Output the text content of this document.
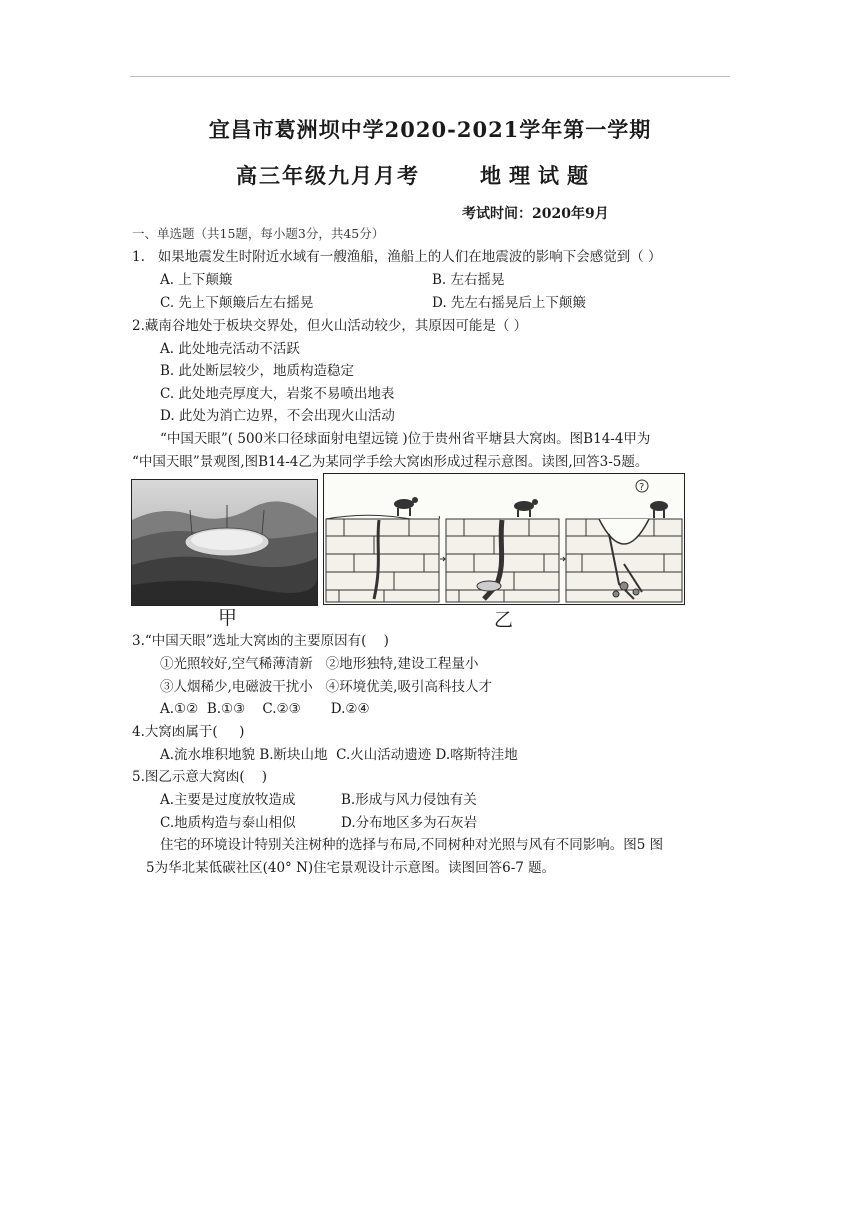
宜昌市葛洲坝中学2020-2021学年第一学期
高三年级九月月考	地理试题
考试时间：2020年9月
一、单选题（共15题，每小题3分，共45分）
1.   如果地震发生时附近水域有一艘渔船，渔船上的人们在地震波的影响下会感觉到（ ）
A. 上下颠簸	B. 左右摇晃
C. 先上下颠簸后左右摇晃	D. 先左右摇晃后上下颠簸
2.藏南谷地处于板块交界处，但火山活动较少，其原因可能是（ ）
A. 此处地壳活动不活跃
B. 此处断层较少，地质构造稳定
C. 此处地壳厚度大，岩浆不易喷出地表
D. 此处为消亡边界，不会出现火山活动
“中国天眼”( 500米口径球面射电望远镜 )位于贵州省平塘县大窝凼。图B14-4甲为
“中国天眼”景观图,图B14-4乙为某同学手绘大窝凼形成过程示意图。读图,回答3-5题。
甲
?
乙
3.“中国天眼”选址大窝凼的主要原因有(    )
①光照较好,空气稀薄清新   ②地形独特,建设工程量小
③人烟稀少,电磁波干扰小   ④环境优美,吸引高科技人才
A.①②  B.①③    C.②③       D.②④
4.大窝凼属于(     )
A.流水堆积地貌 B.断块山地  C.火山活动遗迹 D.喀斯特洼地
5.图乙示意大窝凼(    )
A.主要是过度放牧造成	B.形成与风力侵蚀有关
C.地质构造与泰山相似	D.分布地区多为石灰岩
住宅的环境设计特别关注树种的选择与布局,不同树种对光照与风有不同影响。图5 图
5为华北某低碳社区(40° N)住宅景观设计示意图。读图回答6-7 题。
